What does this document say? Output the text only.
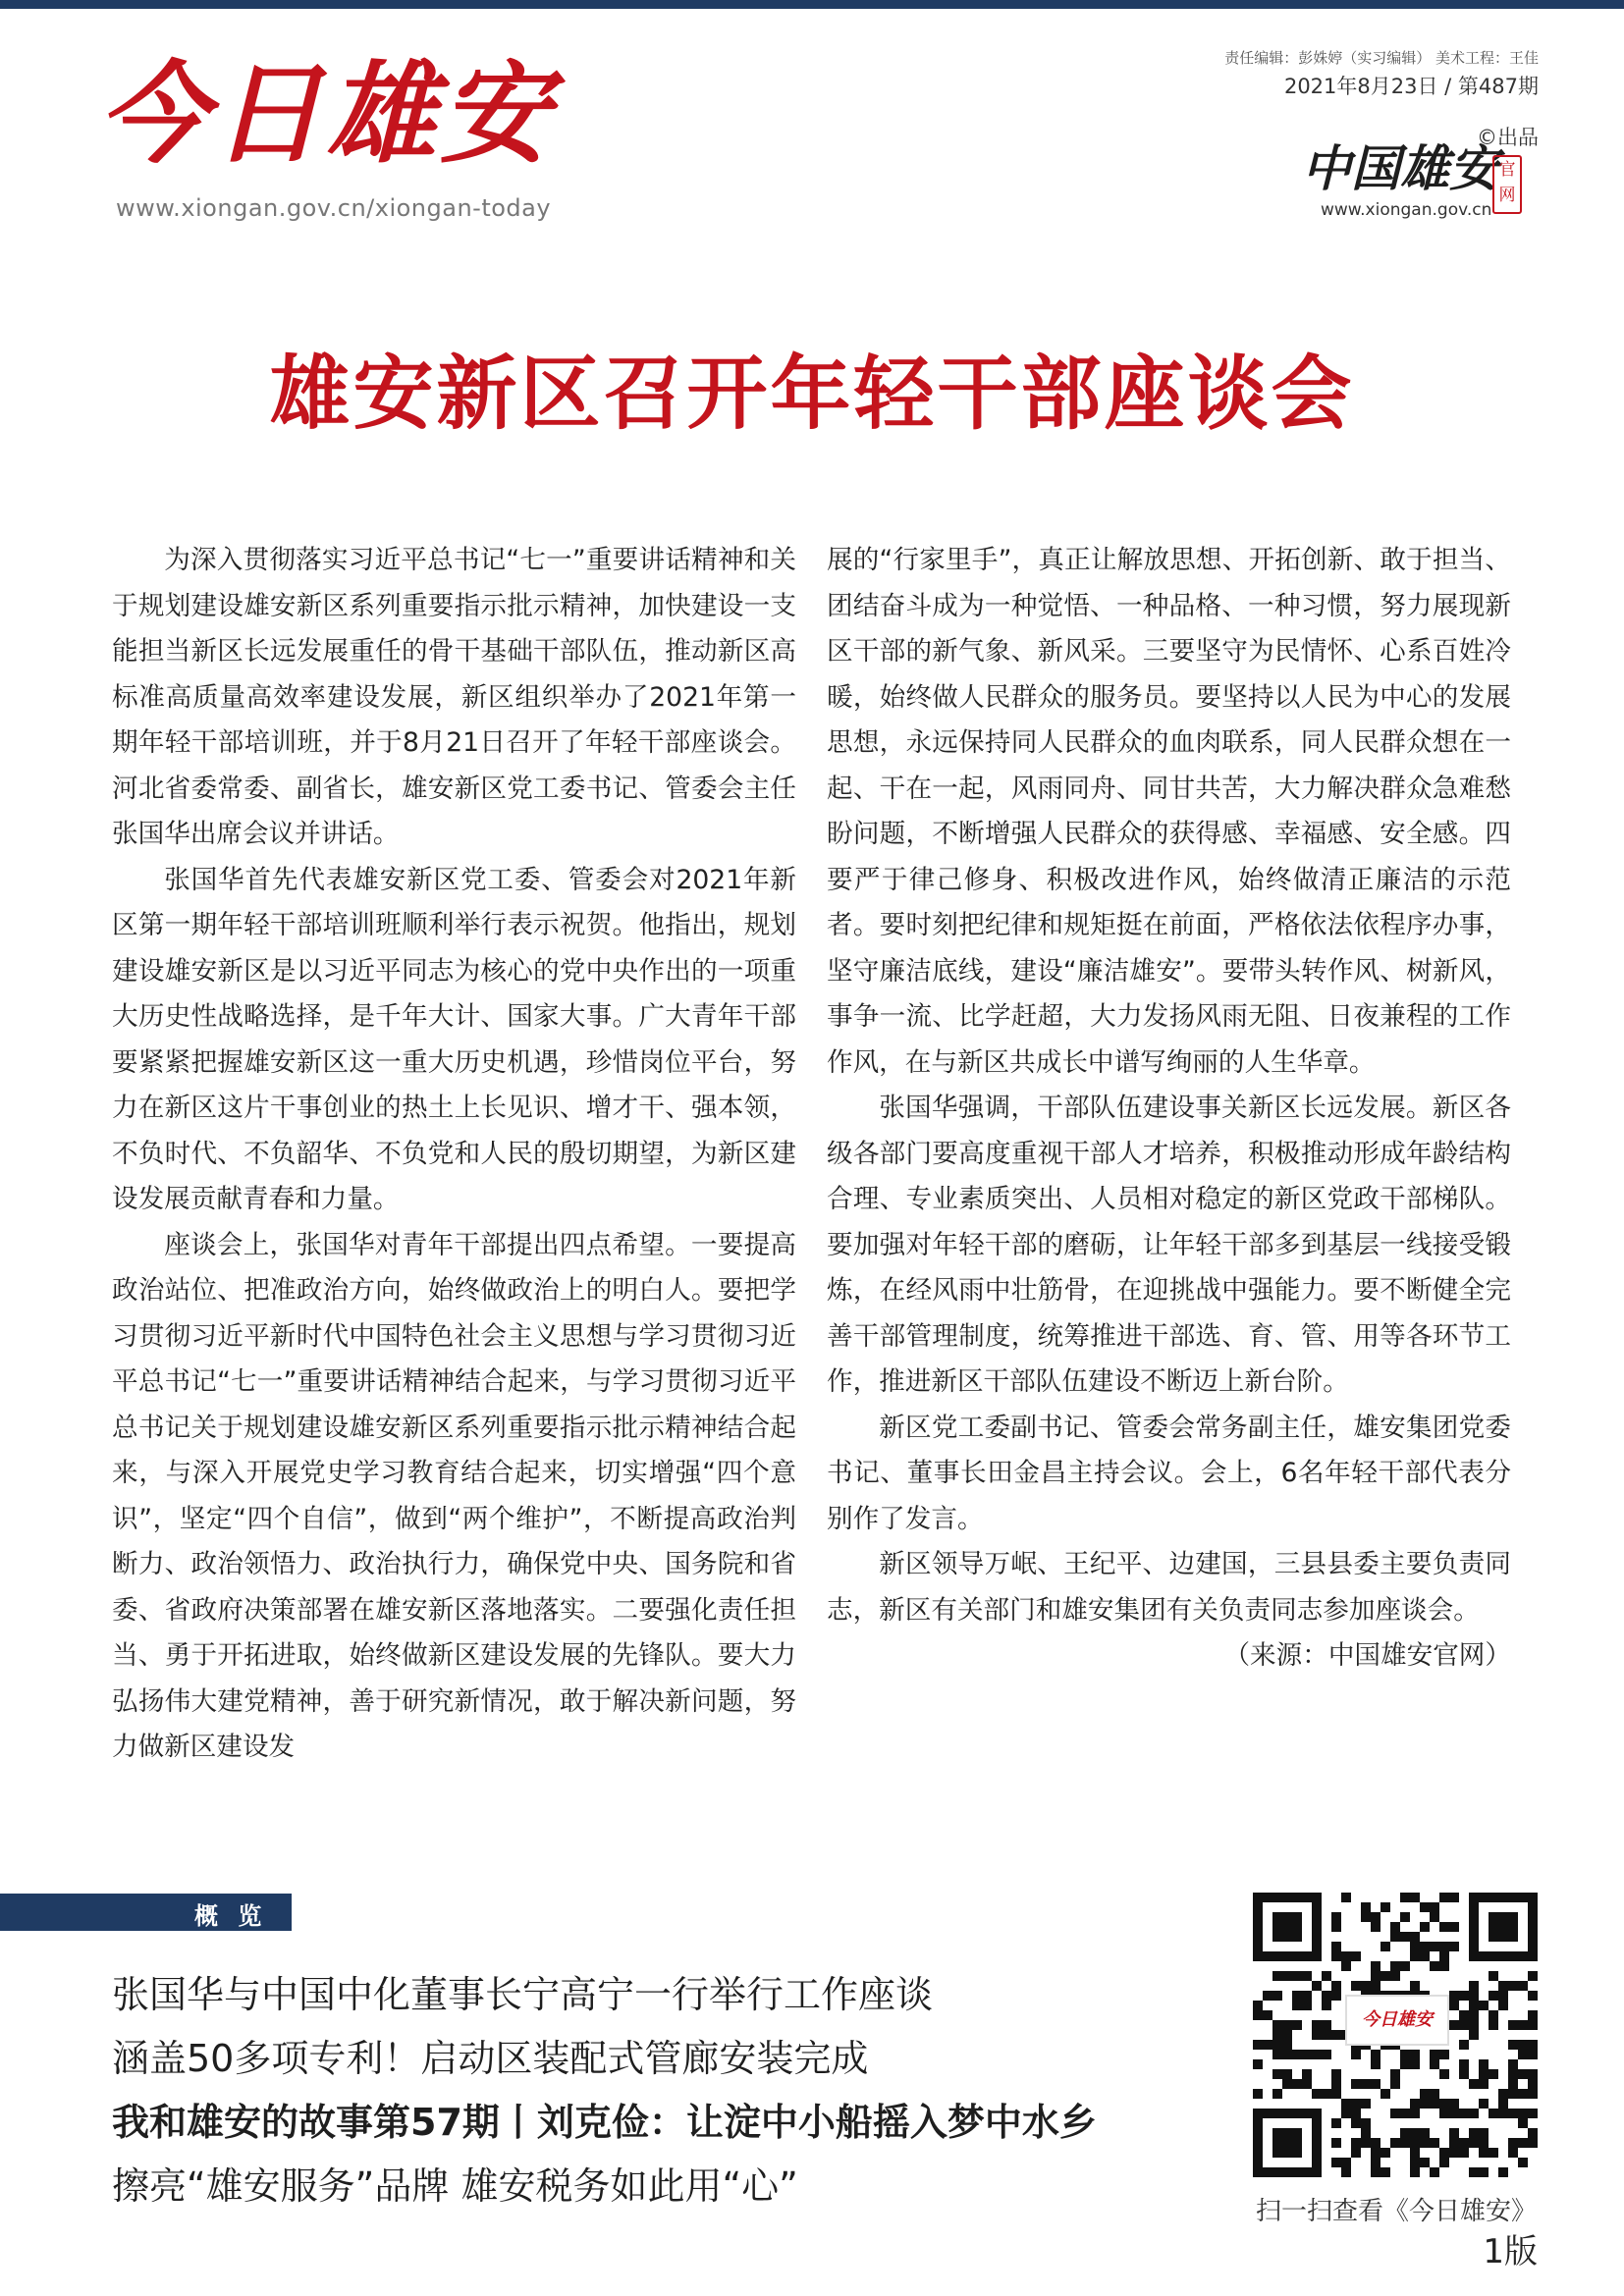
今日雄安
www.xiongan.gov.cn/xiongan-today
责任编辑：彭姝婷（实习编辑） 美术工程：王佳
2021年8月23日 / 第487期
©出品
中国雄安 官网
www.xiongan.gov.cn
雄安新区召开年轻干部座谈会

为深入贯彻落实习近平总书记“七一”重要讲话精神和关于规划建设雄安新区系列重要指示批示精神，加快建设一支能担当新区长远发展重任的骨干基础干部队伍，推动新区高标准高质量高效率建设发展，新区组织举办了2021年第一期年轻干部培训班，并于8月21日召开了年轻干部座谈会。河北省委常委、副省长，雄安新区党工委书记、管委会主任张国华出席会议并讲话。

张国华首先代表雄安新区党工委、管委会对2021年新区第一期年轻干部培训班顺利举行表示祝贺。他指出，规划建设雄安新区是以习近平同志为核心的党中央作出的一项重大历史性战略选择，是千年大计、国家大事。广大青年干部要紧紧把握雄安新区这一重大历史机遇，珍惜岗位平台，努力在新区这片干事创业的热土上长见识、增才干、强本领，不负时代、不负韶华、不负党和人民的殷切期望，为新区建设发展贡献青春和力量。

座谈会上，张国华对青年干部提出四点希望。一要提高政治站位、把准政治方向，始终做政治上的明白人。要把学习贯彻习近平新时代中国特色社会主义思想与学习贯彻习近平总书记“七一”重要讲话精神结合起来，与学习贯彻习近平总书记关于规划建设雄安新区系列重要指示批示精神结合起来，与深入开展党史学习教育结合起来，切实增强“四个意识”，坚定“四个自信”，做到“两个维护”，不断提高政治判断力、政治领悟力、政治执行力，确保党中央、国务院和省委、省政府决策部署在雄安新区落地落实。二要强化责任担当、勇于开拓进取，始终做新区建设发展的先锋队。要大力弘扬伟大建党精神，善于研究新情况，敢于解决新问题，努力做新区建设发

展的“行家里手”，真正让解放思想、开拓创新、敢于担当、团结奋斗成为一种觉悟、一种品格、一种习惯，努力展现新区干部的新气象、新风采。三要坚守为民情怀、心系百姓冷暖，始终做人民群众的服务员。要坚持以人民为中心的发展思想，永远保持同人民群众的血肉联系，同人民群众想在一起、干在一起，风雨同舟、同甘共苦，大力解决群众急难愁盼问题，不断增强人民群众的获得感、幸福感、安全感。四要严于律己修身、积极改进作风，始终做清正廉洁的示范者。要时刻把纪律和规矩挺在前面，严格依法依程序办事，坚守廉洁底线，建设“廉洁雄安”。要带头转作风、树新风，事争一流、比学赶超，大力发扬风雨无阻、日夜兼程的工作作风，在与新区共成长中谱写绚丽的人生华章。

张国华强调，干部队伍建设事关新区长远发展。新区各级各部门要高度重视干部人才培养，积极推动形成年龄结构合理、专业素质突出、人员相对稳定的新区党政干部梯队。要加强对年轻干部的磨砺，让年轻干部多到基层一线接受锻炼，在经风雨中壮筋骨，在迎挑战中强能力。要不断健全完善干部管理制度，统筹推进干部选、育、管、用等各环节工作，推进新区干部队伍建设不断迈上新台阶。

新区党工委副书记、管委会常务副主任，雄安集团党委书记、董事长田金昌主持会议。会上，6名年轻干部代表分别作了发言。

新区领导万岷、王纪平、边建国，三县县委主要负责同志，新区有关部门和雄安集团有关负责同志参加座谈会。

（来源：中国雄安官网）

概 览
张国华与中国中化董事长宁高宁一行举行工作座谈
涵盖50多项专利！启动区装配式管廊安装完成
我和雄安的故事第57期丨刘克俭：让淀中小船摇入梦中水乡
擦亮“雄安服务”品牌 雄安税务如此用“心”
今日雄安
扫一扫查看《今日雄安》
1版
